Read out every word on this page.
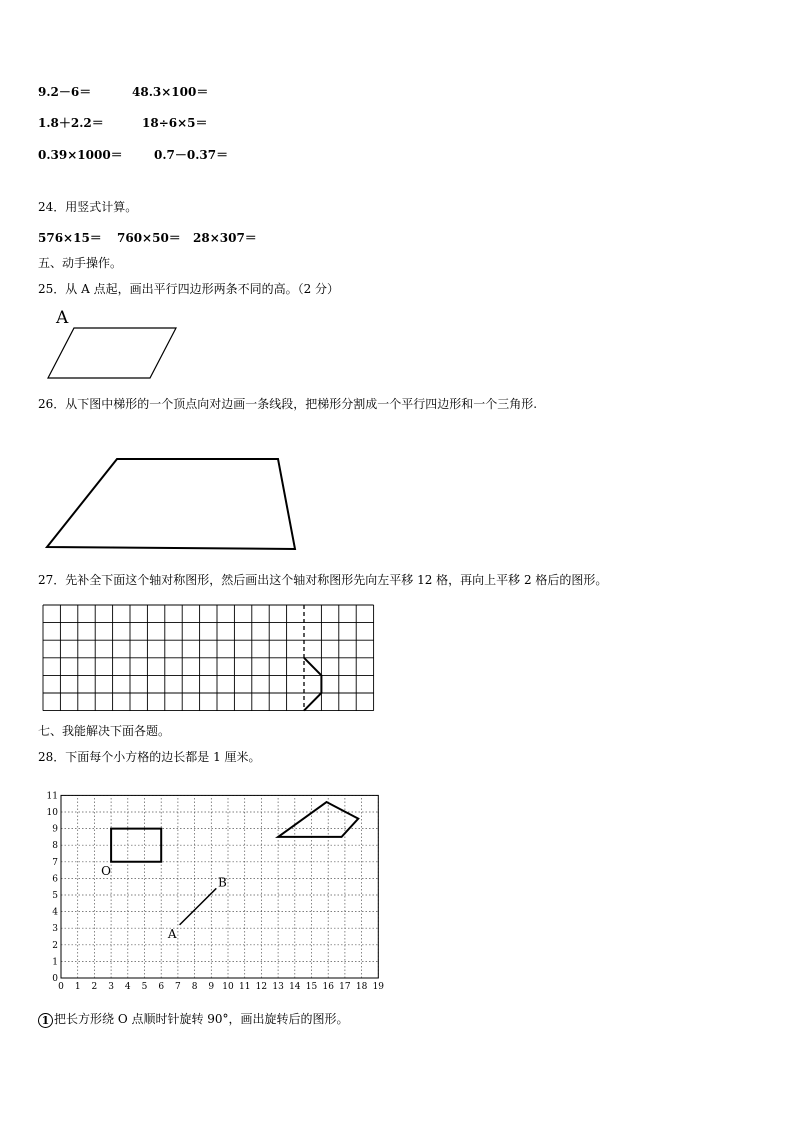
9.2－6＝	48.3×100＝
1.8＋2.2＝	18÷6×5＝
0.39×1000＝	0.7－0.37＝
24．用竖式计算。
576×15＝ 760×50＝ 28×307＝
五、动手操作。
25．从 A 点起，画出平行四边形两条不同的高。（2 分）
A
26．从下图中梯形的一个顶点向对边画一条线段，把梯形分割成一个平行四边形和一个三角形.
27．先补全下面这个轴对称图形，然后画出这个轴对称图形先向左平移 12 格，再向上平移 2 格后的图形。
七、我能解决下面各题。
28．下面每个小方格的边长都是 1 厘米。
0 1 2 3 4 5 6 7 8 9 10 11 12 13 14 15 16 17 18 19
0
1
2
3
4
5
6
7
8
9
10
11
O
A
B
1 把长方形绕 O 点顺时针旋转 90°，画出旋转后的图形。
